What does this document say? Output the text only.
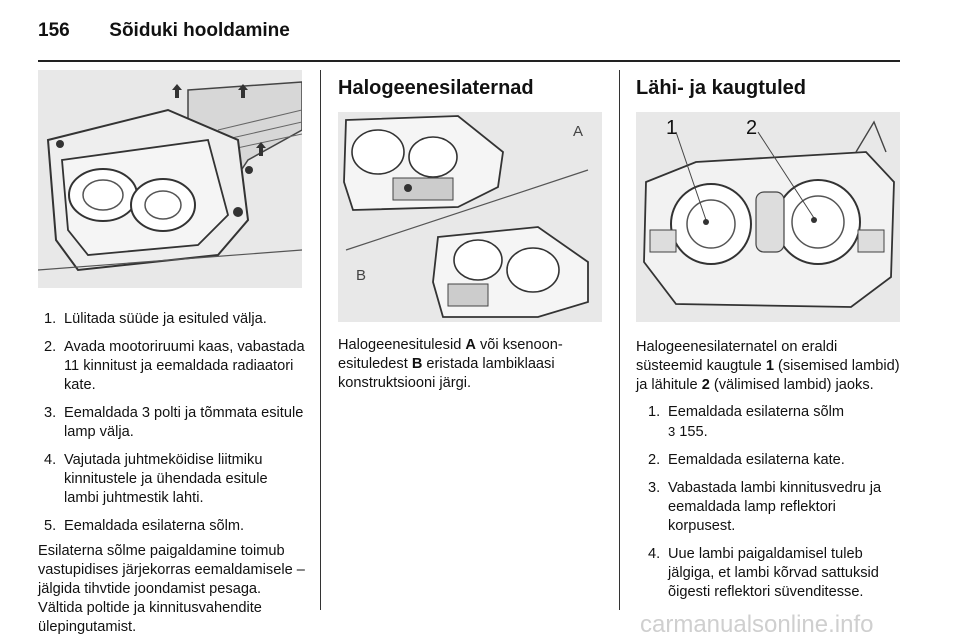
156 Sõiduki hooldamine
1. Lülitada süüde ja esituled välja.
2. Avada mootoriruumi kaas, vabastada 11 kinnitust ja eemaldada radiaatori kate.
3. Eemaldada 3 polti ja tõmmata esitule lamp välja.
4. Vajutada juhtmeköidise liitmiku kinnitustele ja ühendada esitule lambi juhtmestik lahti.
5. Eemaldada esilaterna sõlm.

Esilaterna sõlme paigaldamine toimub vastupidises järjekorras eemaldamisele – jälgida tihvtide joondamist pesaga. Vältida poltide ja kinnitusvahendite ülepingutamist.

Halogeenesilaternad
A
B

Halogeenesitulesid A või ksenoon-esituledest B eristada lambiklaasi konstruktsiooni järgi.

Lähi- ja kaugtuled
1	2

Halogeenesilaternatel on eraldi süsteemid kaugtule 1 (sisemised lambid) ja lähitule 2 (välimised lambid) jaoks.

1. Eemaldada esilaterna sõlm
3 155.
2. Eemaldada esilaterna kate.
3. Vabastada lambi kinnitusvedru ja eemaldada lamp reflektori korpusest.
4. Uue lambi paigaldamisel tuleb jälgiga, et lambi kõrvad sattuksid õigesti reflektori süvenditesse.
carmanualsonline.info
